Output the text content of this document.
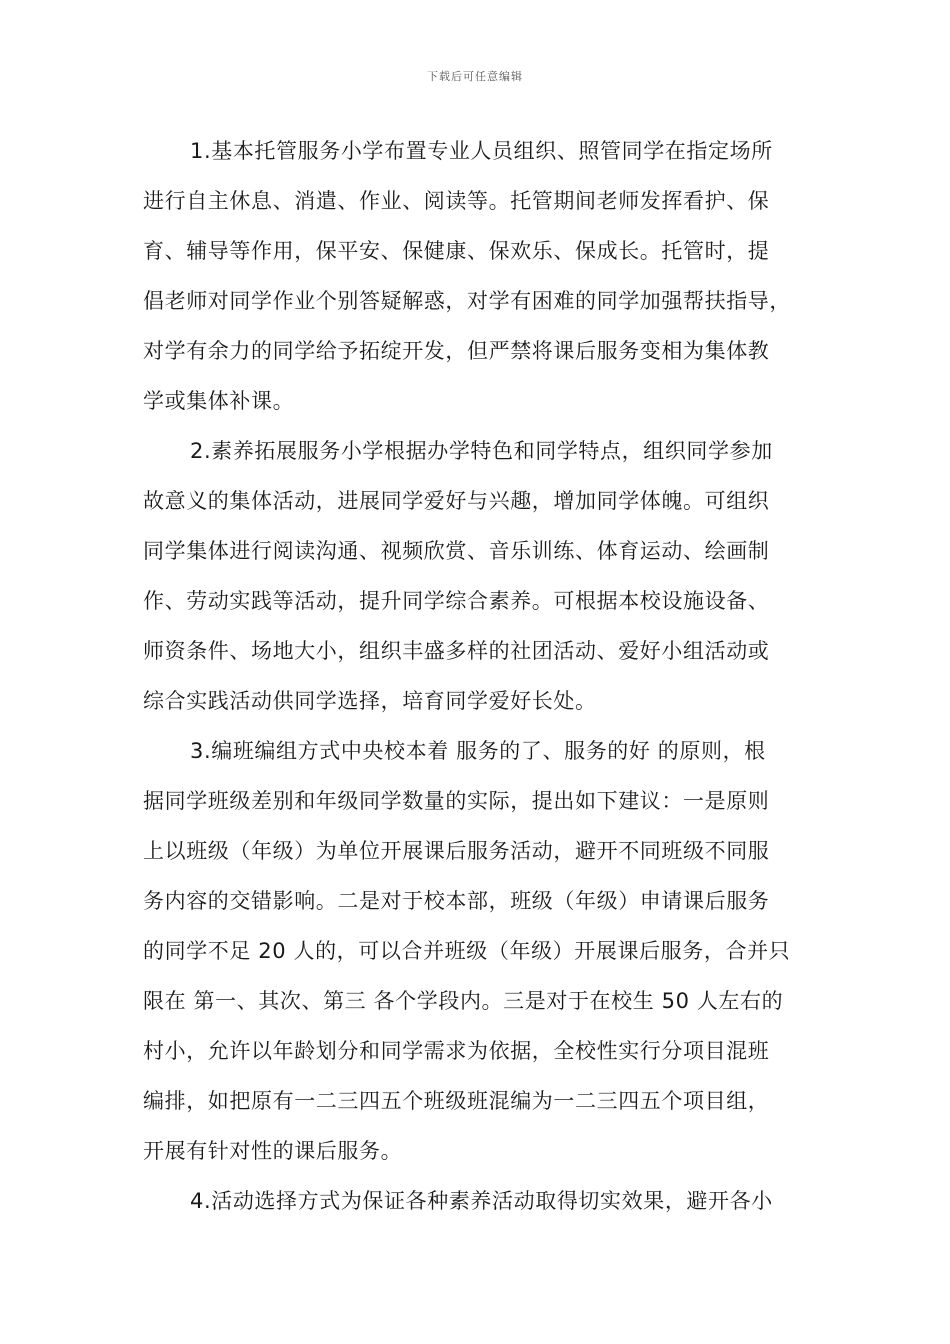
下载后可任意编辑
1.基本托管服务小学布置专业人员组织、照管同学在指定场所
进行自主休息、消遣、作业、阅读等。托管期间老师发挥看护、保
育、辅导等作用，保平安、保健康、保欢乐、保成长。托管时，提
倡老师对同学作业个别答疑解惑，对学有困难的同学加强帮扶指导，
对学有余力的同学给予拓绽开发，但严禁将课后服务变相为集体教
学或集体补课。
2.素养拓展服务小学根据办学特色和同学特点，组织同学参加
故意义的集体活动，进展同学爱好与兴趣，增加同学体魄。可组织
同学集体进行阅读沟通、视频欣赏、音乐训练、体育运动、绘画制
作、劳动实践等活动，提升同学综合素养。可根据本校设施设备、
师资条件、场地大小，组织丰盛多样的社团活动、爱好小组活动或
综合实践活动供同学选择，培育同学爱好长处。
3.编班编组方式中央校本着 服务的了、服务的好 的原则，根
据同学班级差别和年级同学数量的实际，提出如下建议：一是原则
上以班级（年级）为单位开展课后服务活动，避开不同班级不同服
务内容的交错影响。二是对于校本部，班级（年级）申请课后服务
的同学不足 20 人的，可以合并班级（年级）开展课后服务，合并只
限在 第一、其次、第三 各个学段内。三是对于在校生 50 人左右的
村小，允许以年龄划分和同学需求为依据，全校性实行分项目混班
编排，如把原有一二三四五个班级班混编为一二三四五个项目组，
开展有针对性的课后服务。
4.活动选择方式为保证各种素养活动取得切实效果，避开各小
